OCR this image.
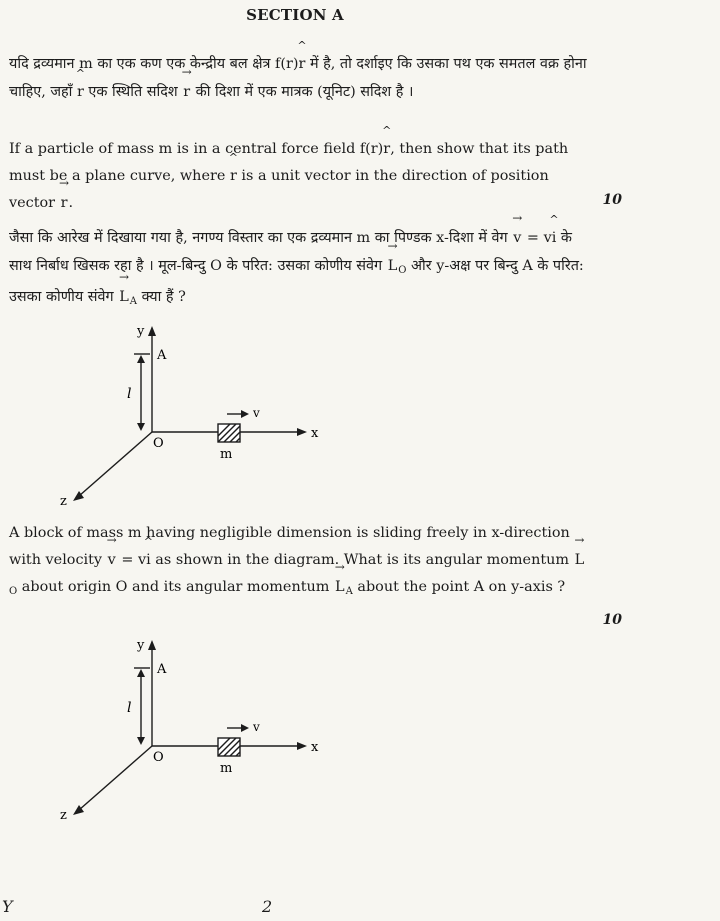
SECTION A
यदि द्रव्यमान m का एक कण एक केन्द्रीय बल क्षेत्र f(r)^ r में है, तो दर्शाइए कि उसका पथ एक समतल वक्र होना चाहिए, जहाँ ^ r एक स्थिति सदिश → r की दिशा में एक मात्रक (यूनिट) सदिश है ।
If a particle of mass m is in a central force field f(r)^ r, then show that its path must be a plane curve, where ^ r is a unit vector in the direction of position vector → r.	10
जैसा कि आरेख में दिखाया गया है, नगण्य विस्तार का एक द्रव्यमान m का पिण्डक x-दिशा में वेग → v = v^ i के साथ निर्बाध खिसक रहा है । मूल-बिन्दु O के परित: उसका कोणीय संवेग → $L_O$ और y-अक्ष पर बिन्दु A के परित: उसका कोणीय संवेग → $L_A$ क्या हैं ?
y
x
z
A
l
O
v
m
A block of mass m having negligible dimension is sliding freely in x-direction with velocity → v = v^ i as shown in the diagram. What is its angular momentum → $L_O$ about origin O and its angular momentum → $L_A$ about the point A on y-axis ?
10
y
x
z
A
l
O
v
m
Y	2
